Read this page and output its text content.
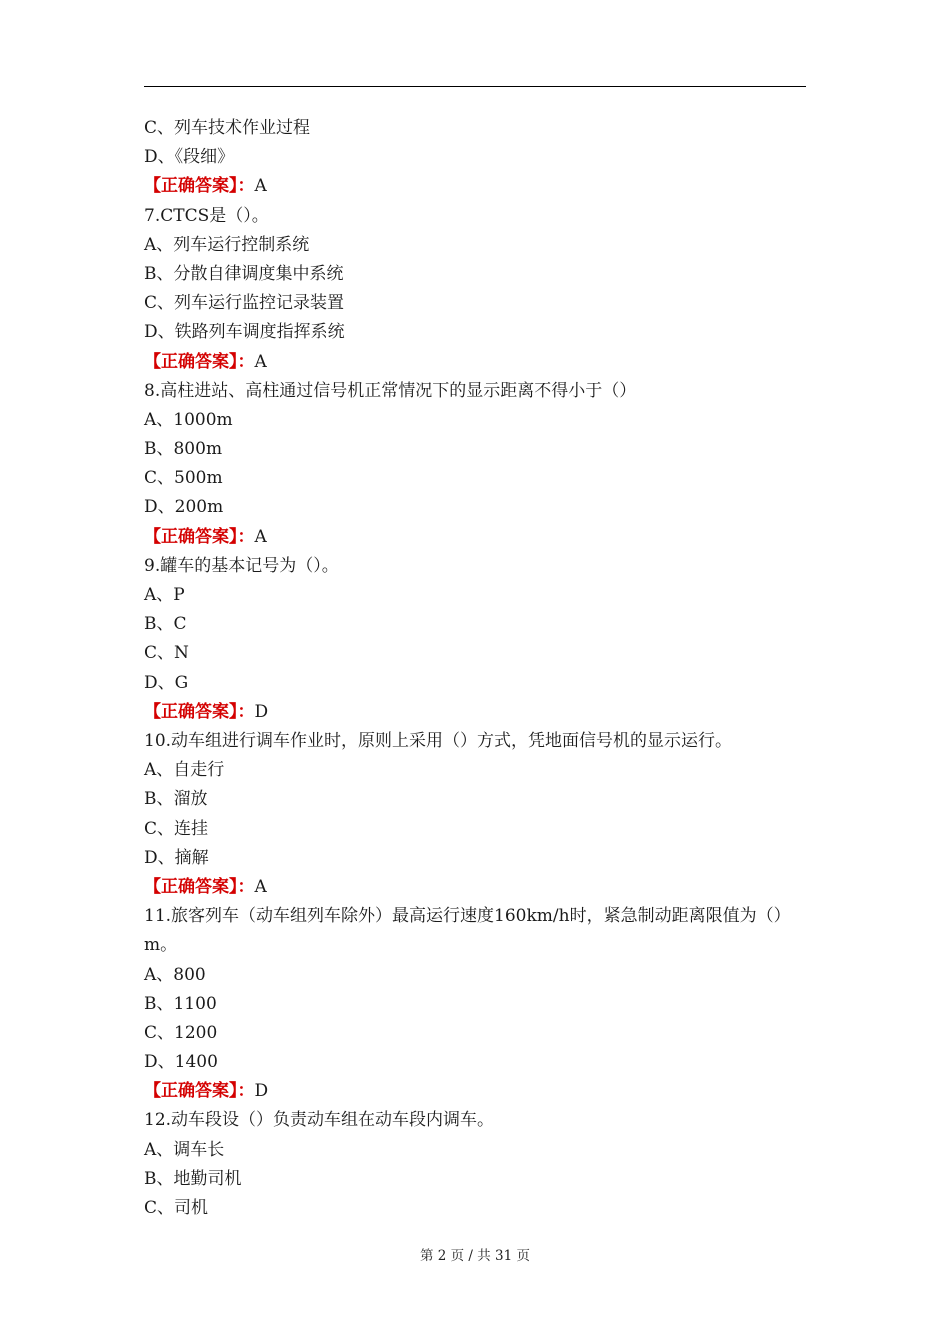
C、列车技术作业过程
D、《段细》
【正确答案】：A
7.CTCS是（）。
A、列车运行控制系统
B、分散自律调度集中系统
C、列车运行监控记录装置
D、铁路列车调度指挥系统
【正确答案】：A
8.高柱进站、高柱通过信号机正常情况下的显示距离不得小于（）
A、1000m
B、800m
C、500m
D、200m
【正确答案】：A
9.罐车的基本记号为（）。
A、P
B、C
C、N
D、G
【正确答案】：D
10.动车组进行调车作业时，原则上采用（）方式，凭地面信号机的显示运行。
A、自走行
B、溜放
C、连挂
D、摘解
【正确答案】：A
11.旅客列车（动车组列车除外）最高运行速度160km/h时，紧急制动距离限值为（）m。
A、800
B、1100
C、1200
D、1400
【正确答案】：D
12.动车段设（）负责动车组在动车段内调车。
A、调车长
B、地勤司机
C、司机
第 2 页 / 共 31 页
